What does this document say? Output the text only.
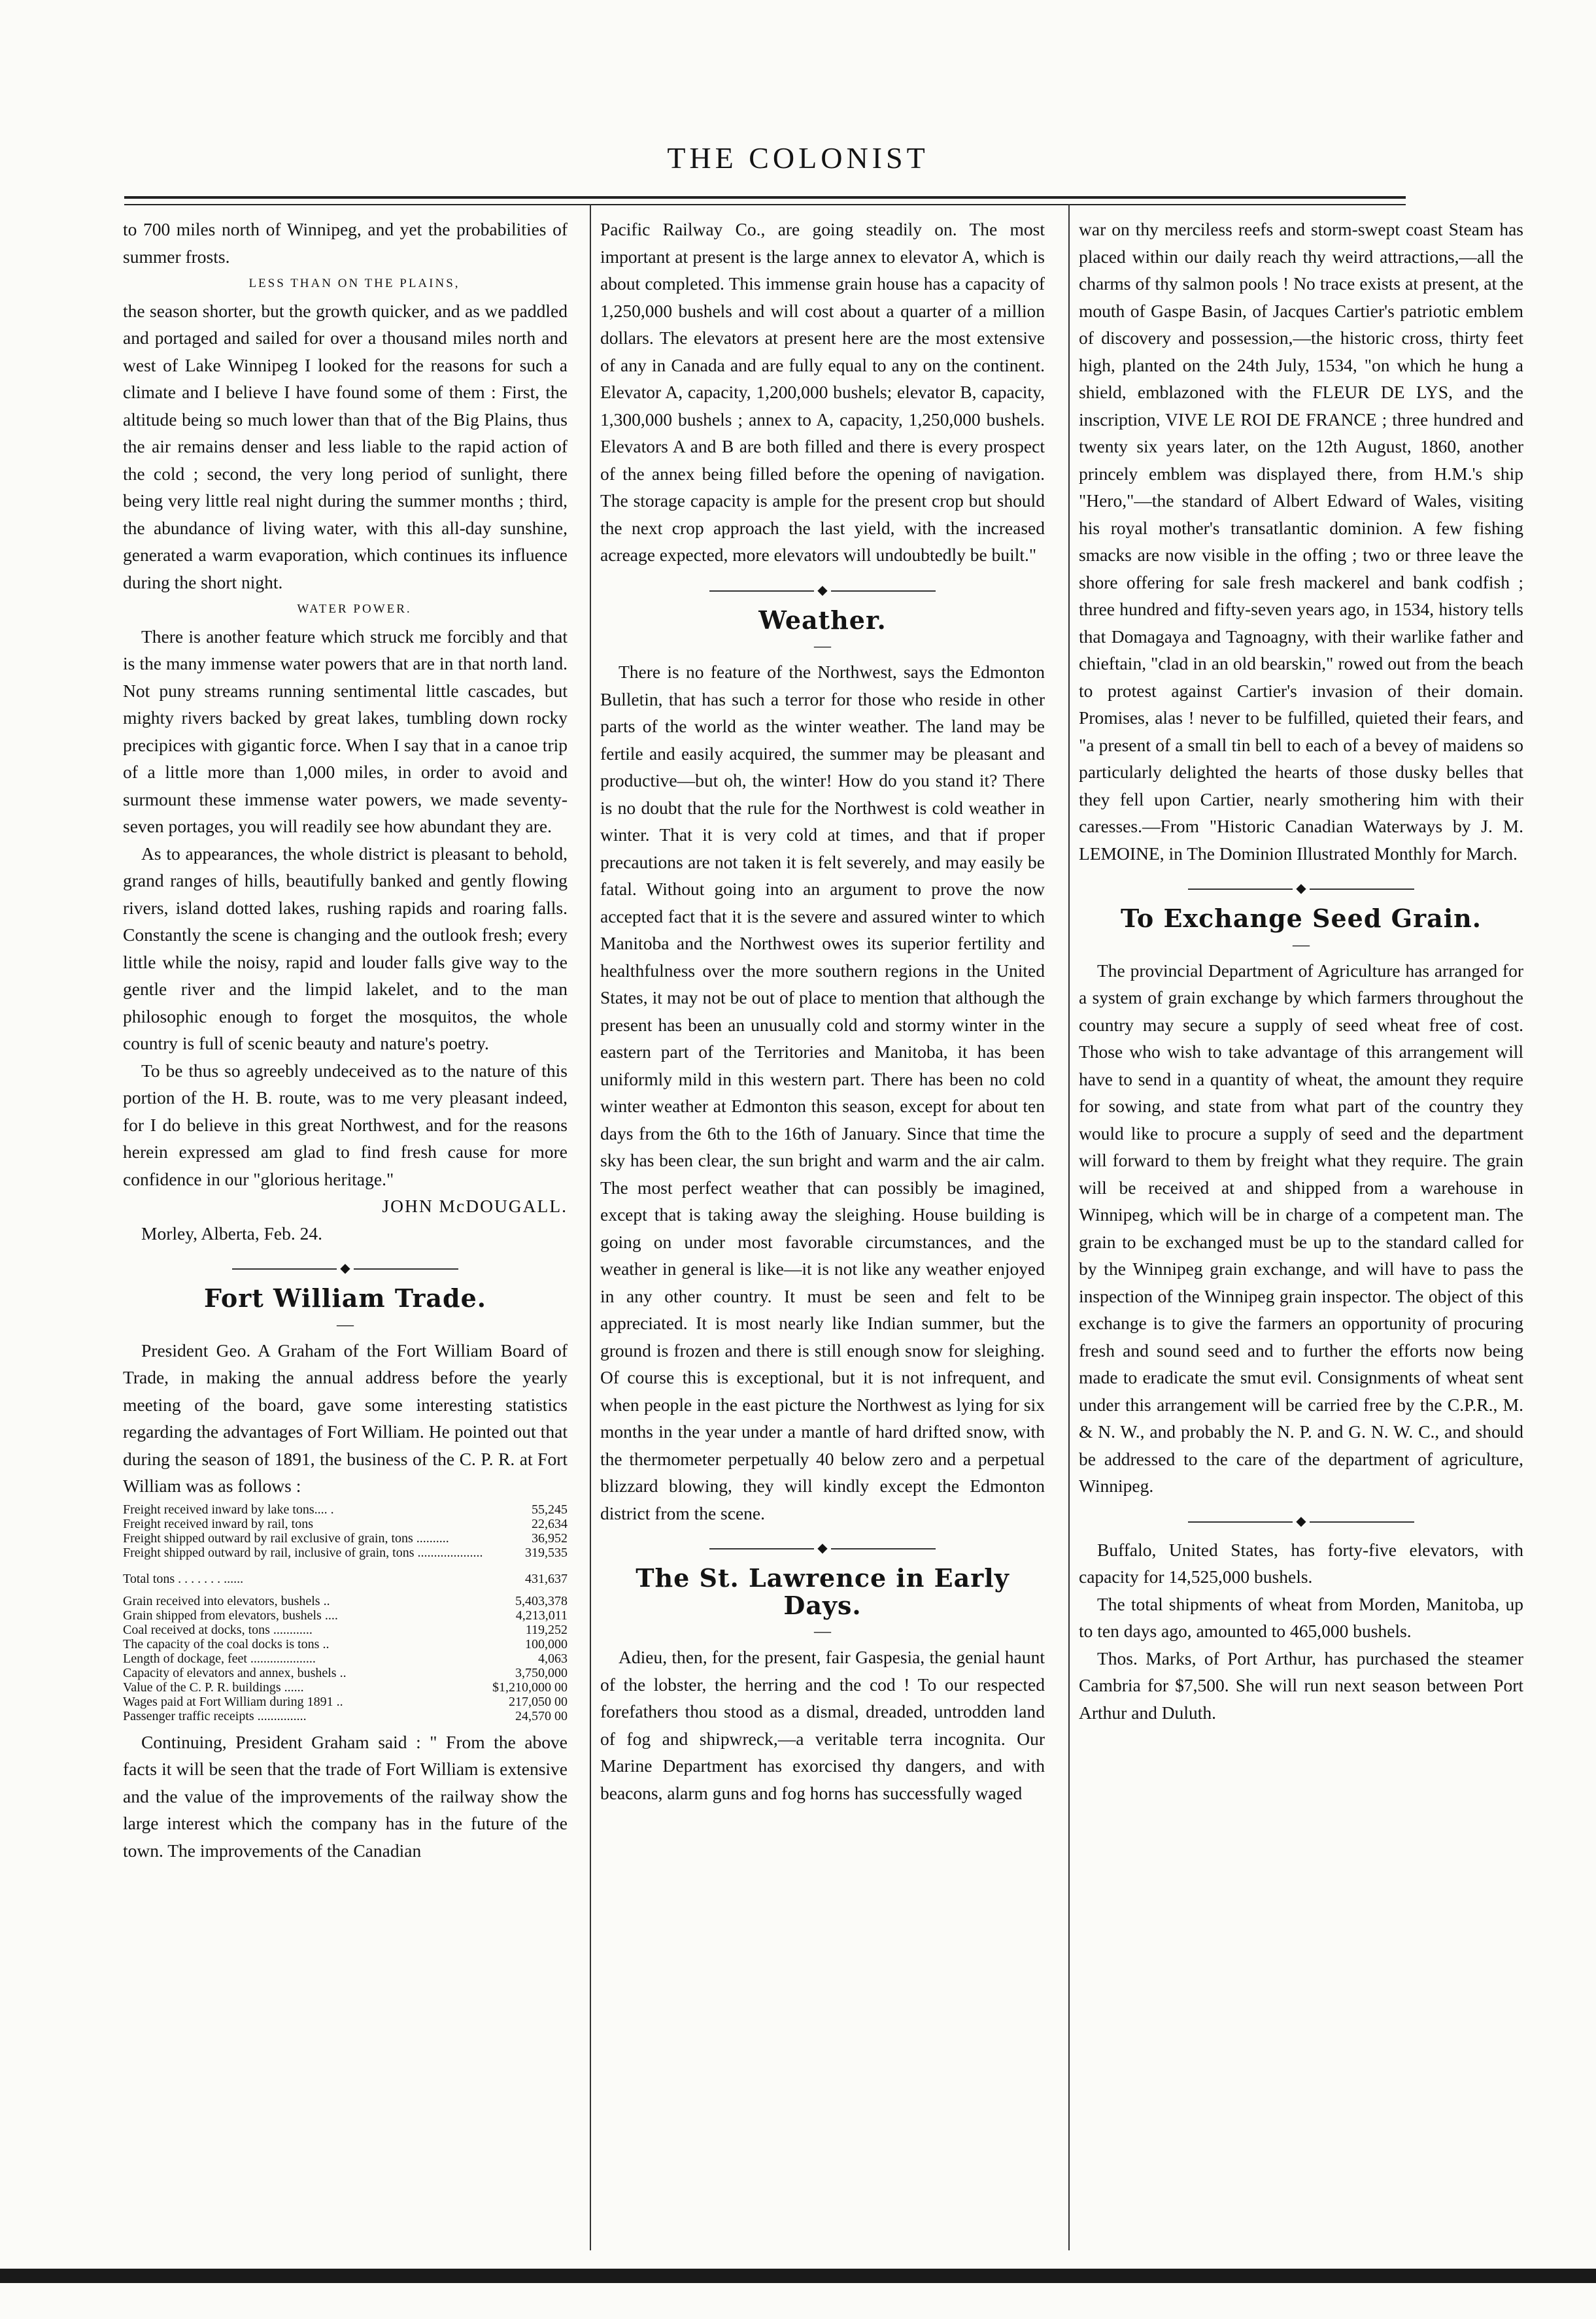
THE COLONIST

to 700 miles north of Winnipeg, and yet the probabilities of summer frosts.

LESS THAN ON THE PLAINS,

the season shorter, but the growth quicker, and as we paddled and portaged and sailed for over a thousand miles north and west of Lake Winnipeg I looked for the reasons for such a climate and I believe I have found some of them : First, the altitude being so much lower than that of the Big Plains, thus the air remains denser and less liable to the rapid action of the cold ; second, the very long period of sunlight, there being very little real night during the summer months ; third, the abundance of living water, with this all-day sunshine, generated a warm evaporation, which continues its influence during the short night.

WATER POWER.

There is another feature which struck me forcibly and that is the many immense water powers that are in that north land. Not puny streams running sentimental little cascades, but mighty rivers backed by great lakes, tumbling down rocky precipices with gigantic force. When I say that in a canoe trip of a little more than 1,000 miles, in order to avoid and surmount these immense water powers, we made seventy-seven portages, you will readily see how abundant they are.

As to appearances, the whole district is pleasant to behold, grand ranges of hills, beautifully banked and gently flowing rivers, island dotted lakes, rushing rapids and roaring falls. Constantly the scene is changing and the outlook fresh; every little while the noisy, rapid and louder falls give way to the gentle river and the limpid lakelet, and to the man philosophic enough to forget the mosquitos, the whole country is full of scenic beauty and nature's poetry.

To be thus so agreebly undeceived as to the nature of this portion of the H. B. route, was to me very pleasant indeed, for I do believe in this great Northwest, and for the reasons herein expressed am glad to find fresh cause for more confidence in our "glorious heritage."

JOHN McDOUGALL.

Morley, Alberta, Feb. 24.

◆
Fort William Trade.
—

President Geo. A Graham of the Fort William Board of Trade, in making the annual address before the yearly meeting of the board, gave some interesting statistics regarding the advantages of Fort William. He pointed out that during the season of 1891, the business of the C. P. R. at Fort William was as follows :

Freight received inward by lake tons.... .	55,245
Freight received inward by rail, tons	22,634
Freight shipped outward by rail exclusive of grain, tons ..........	36,952
Freight shipped outward by rail, inclusive of grain, tons ....................	319,535
Total tons . . . . . . . ......	431,637
Grain received into elevators, bushels ..	5,403,378
Grain shipped from elevators, bushels ....	4,213,011
Coal received at docks, tons ............	119,252
The capacity of the coal docks is tons ..	100,000
Length of dockage, feet ....................	4,063
Capacity of elevators and annex, bushels ..	3,750,000
Value of the C. P. R. buildings ......	$1,210,000 00
Wages paid at Fort William during 1891 ..	217,050 00
Passenger traffic receipts ...............	24,570 00

Continuing, President Graham said : " From the above facts it will be seen that the trade of Fort William is extensive and the value of the improvements of the railway show the large interest which the company has in the future of the town. The improvements of the Canadian

Pacific Railway Co., are going steadily on. The most important at present is the large annex to elevator A, which is about completed. This immense grain house has a capacity of 1,250,000 bushels and will cost about a quarter of a million dollars. The elevators at present here are the most extensive of any in Canada and are fully equal to any on the continent. Elevator A, capacity, 1,200,000 bushels; elevator B, capacity, 1,300,000 bushels ; annex to A, capacity, 1,250,000 bushels. Elevators A and B are both filled and there is every prospect of the annex being filled before the opening of navigation. The storage capacity is ample for the present crop but should the next crop approach the last yield, with the increased acreage expected, more elevators will undoubtedly be built."

◆
Weather.
—

There is no feature of the Northwest, says the Edmonton Bulletin, that has such a terror for those who reside in other parts of the world as the winter weather. The land may be fertile and easily acquired, the summer may be pleasant and productive—but oh, the winter! How do you stand it? There is no doubt that the rule for the Northwest is cold weather in winter. That it is very cold at times, and that if proper precautions are not taken it is felt severely, and may easily be fatal. Without going into an argument to prove the now accepted fact that it is the severe and assured winter to which Manitoba and the Northwest owes its superior fertility and healthfulness over the more southern regions in the United States, it may not be out of place to mention that although the present has been an unusually cold and stormy winter in the eastern part of the Territories and Manitoba, it has been uniformly mild in this western part. There has been no cold winter weather at Edmonton this season, except for about ten days from the 6th to the 16th of January. Since that time the sky has been clear, the sun bright and warm and the air calm. The most perfect weather that can possibly be imagined, except that is taking away the sleighing. House building is going on under most favorable circumstances, and the weather in general is like—it is not like any weather enjoyed in any other country. It must be seen and felt to be appreciated. It is most nearly like Indian summer, but the ground is frozen and there is still enough snow for sleighing. Of course this is exceptional, but it is not infrequent, and when people in the east picture the Northwest as lying for six months in the year under a mantle of hard drifted snow, with the thermometer perpetually 40 below zero and a perpetual blizzard blowing, they will kindly except the Edmonton district from the scene.

◆
The St. Lawrence in Early Days.
—

Adieu, then, for the present, fair Gaspesia, the genial haunt of the lobster, the herring and the cod ! To our respected forefathers thou stood as a dismal, dreaded, untrodden land of fog and shipwreck,—a veritable terra incognita. Our Marine Department has exorcised thy dangers, and with beacons, alarm guns and fog horns has successfully waged

war on thy merciless reefs and storm-swept coast Steam has placed within our daily reach thy weird attractions,—all the charms of thy salmon pools ! No trace exists at present, at the mouth of Gaspe Basin, of Jacques Cartier's patriotic emblem of discovery and possession,—the historic cross, thirty feet high, planted on the 24th July, 1534, "on which he hung a shield, emblazoned with the FLEUR DE LYS, and the inscription, VIVE LE ROI DE FRANCE ; three hundred and twenty six years later, on the 12th August, 1860, another princely emblem was displayed there, from H.M.'s ship "Hero,"—the standard of Albert Edward of Wales, visiting his royal mother's transatlantic dominion. A few fishing smacks are now visible in the offing ; two or three leave the shore offering for sale fresh mackerel and bank codfish ; three hundred and fifty-seven years ago, in 1534, history tells that Domagaya and Tagnoagny, with their warlike father and chieftain, "clad in an old bearskin," rowed out from the beach to protest against Cartier's invasion of their domain. Promises, alas ! never to be fulfilled, quieted their fears, and "a present of a small tin bell to each of a bevey of maidens so particularly delighted the hearts of those dusky belles that they fell upon Cartier, nearly smothering him with their caresses.—From "Historic Canadian Waterways by J. M. LEMOINE, in The Dominion Illustrated Monthly for March.

◆
To Exchange Seed Grain.
—

The provincial Department of Agriculture has arranged for a system of grain exchange by which farmers throughout the country may secure a supply of seed wheat free of cost. Those who wish to take advantage of this arrangement will have to send in a quantity of wheat, the amount they require for sowing, and state from what part of the country they would like to procure a supply of seed and the department will forward to them by freight what they require. The grain will be received at and shipped from a warehouse in Winnipeg, which will be in charge of a competent man. The grain to be exchanged must be up to the standard called for by the Winnipeg grain exchange, and will have to pass the inspection of the Winnipeg grain inspector. The object of this exchange is to give the farmers an opportunity of procuring fresh and sound seed and to further the efforts now being made to eradicate the smut evil. Consignments of wheat sent under this arrangement will be carried free by the C.P.R., M. & N. W., and probably the N. P. and G. N. W. C., and should be addressed to the care of the department of agriculture, Winnipeg.

◆

Buffalo, United States, has forty-five elevators, with capacity for 14,525,000 bushels.

The total shipments of wheat from Morden, Manitoba, up to ten days ago, amounted to 465,000 bushels.

Thos. Marks, of Port Arthur, has purchased the steamer Cambria for $7,500. She will run next season between Port Arthur and Duluth.
